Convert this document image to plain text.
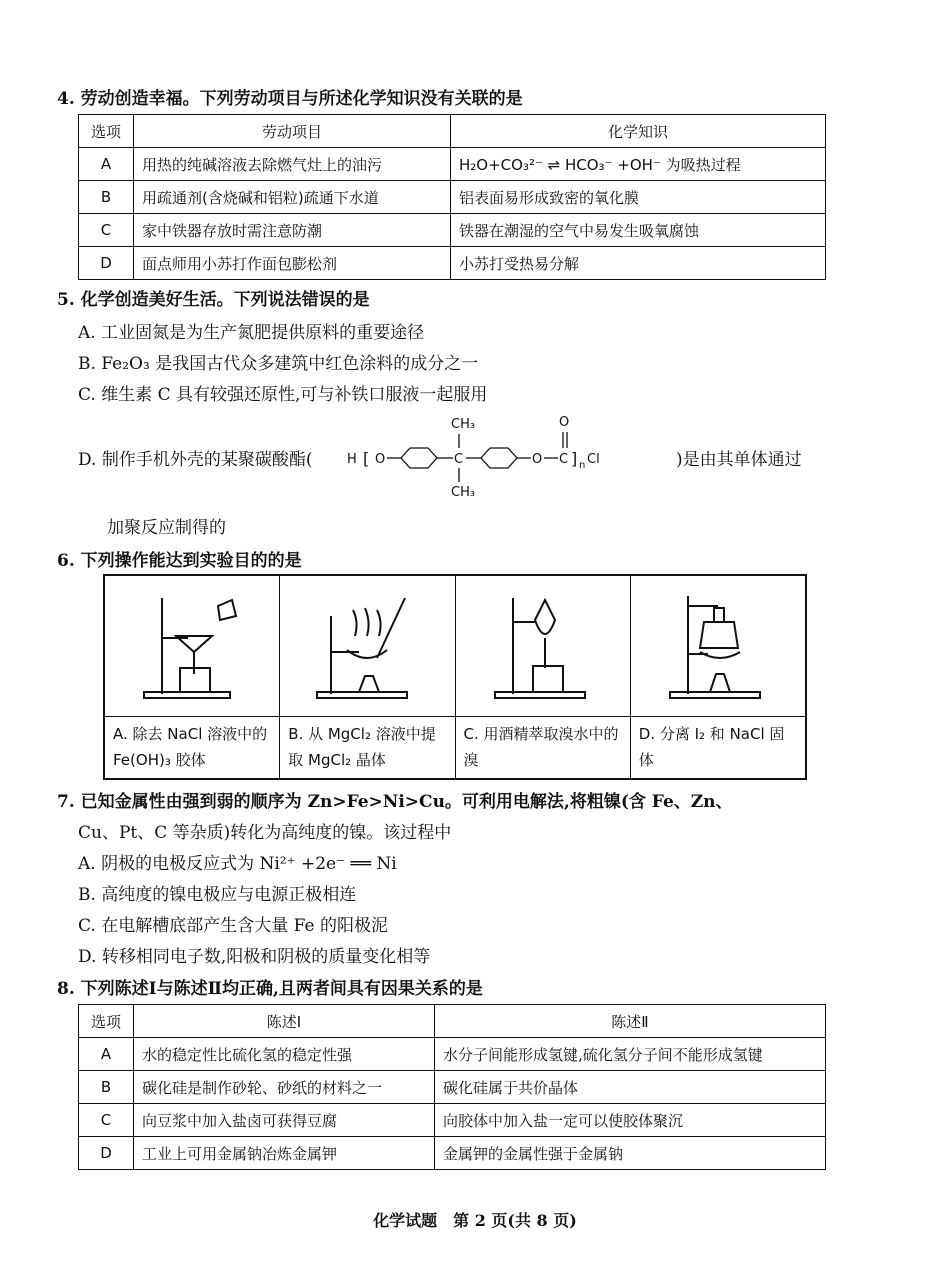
4. 劳动创造幸福。下列劳动项目与所述化学知识没有关联的是
选项	劳动项目	化学知识
A	用热的纯碱溶液去除燃气灶上的油污	H₂O+CO₃²⁻ ⇌ HCO₃⁻ +OH⁻ 为吸热过程
B	用疏通剂(含烧碱和铝粒)疏通下水道	铝表面易形成致密的氧化膜
C	家中铁器存放时需注意防潮	铁器在潮湿的空气中易发生吸氧腐蚀
D	面点师用小苏打作面包膨松剂	小苏打受热易分解
5. 化学创造美好生活。下列说法错误的是
A. 工业固氮是为生产氮肥提供原料的重要途径
B. Fe₂O₃ 是我国古代众多建筑中红色涂料的成分之一
C. 维生素 C 具有较强还原性,可与补铁口服液一起服用
D. 制作手机外壳的某聚碳酸酯(	H [ O	C
CH₃
CH₃
O C
O
] n Cl	)是由其单体通过
加聚反应制得的
6. 下列操作能达到实验目的的是
A. 除去 NaCl 溶液中的 Fe(OH)₃ 胶体
B. 从 MgCl₂ 溶液中提取 MgCl₂ 晶体
C. 用酒精萃取溴水中的溴
D. 分离 I₂ 和 NaCl 固体
7. 已知金属性由强到弱的顺序为 Zn>Fe>Ni>Cu。可利用电解法,将粗镍(含 Fe、Zn、
Cu、Pt、C 等杂质)转化为高纯度的镍。该过程中
A. 阴极的电极反应式为 Ni²⁺ +2e⁻ ══ Ni
B. 高纯度的镍电极应与电源正极相连
C. 在电解槽底部产生含大量 Fe 的阳极泥
D. 转移相同电子数,阳极和阴极的质量变化相等
8. 下列陈述Ⅰ与陈述Ⅱ均正确,且两者间具有因果关系的是
选项	陈述Ⅰ	陈述Ⅱ
A	水的稳定性比硫化氢的稳定性强	水分子间能形成氢键,硫化氢分子间不能形成氢键
B	碳化硅是制作砂轮、砂纸的材料之一	碳化硅属于共价晶体
C	向豆浆中加入盐卤可获得豆腐	向胶体中加入盐一定可以使胶体聚沉
D	工业上可用金属钠冶炼金属钾	金属钾的金属性强于金属钠
化学试题　第 2 页(共 8 页)
